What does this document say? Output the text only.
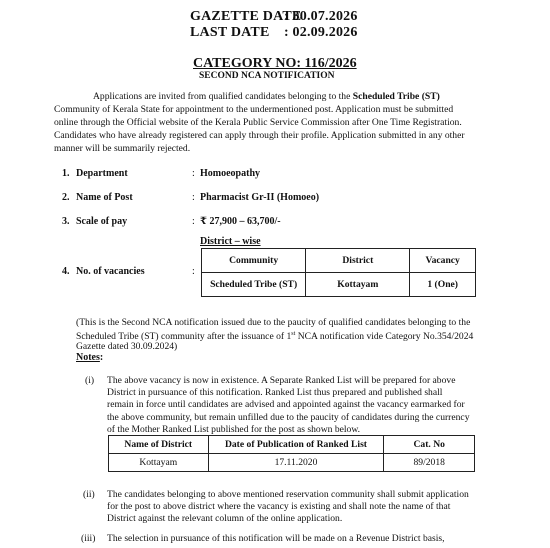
GAZETTE DATE
: 30.07.2026
LAST DATE : 02.09.2026
CATEGORY NO: 116/2026
SECOND NCA NOTIFICATION
Applications are invited from qualified candidates belonging to the Scheduled Tribe (ST)
Community of Kerala State for appointment to the undermentioned post. Application must be submitted
online through the Official website of the Kerala Public Service Commission after One Time Registration.
Candidates who have already registered can apply through their profile. Application submitted in any other
manner will be summarily rejected.
1. Department	: Homoeopathy
2. Name of Post	: Pharmacist Gr-II (Homoeo)
3. Scale of pay	: ₹ 27,900 – 63,700/-
District – wise
4. No. of vacancies	:
Community	District	Vacancy
Scheduled Tribe (ST)	Kottayam	1 (One)
(This is the Second NCA notification issued due to the paucity of qualified candidates belonging to the
Scheduled Tribe (ST) community after the issuance of 1st NCA notification vide Category No.354/2024
Gazette dated 30.09.2024)
Notes:
(i) The above vacancy is now in existence. A Separate Ranked List will be prepared for above
District in pursuance of this notification. Ranked List thus prepared and published shall
remain in force until candidates are advised and appointed against the vacancy earmarked for
the above community, but remain unfilled due to the paucity of candidates during the currency
of the Mother Ranked List published for the post as shown below.
Name of District	Date of Publication of Ranked List	Cat. No
Kottayam	17.11.2020	89/2018
(ii) The candidates belonging to above mentioned reservation community shall submit application
for the post to above district where the vacancy is existing and shall note the name of that
District against the relevant column of the online application.
(iii) The selection in pursuance of this notification will be made on a Revenue District basis,
